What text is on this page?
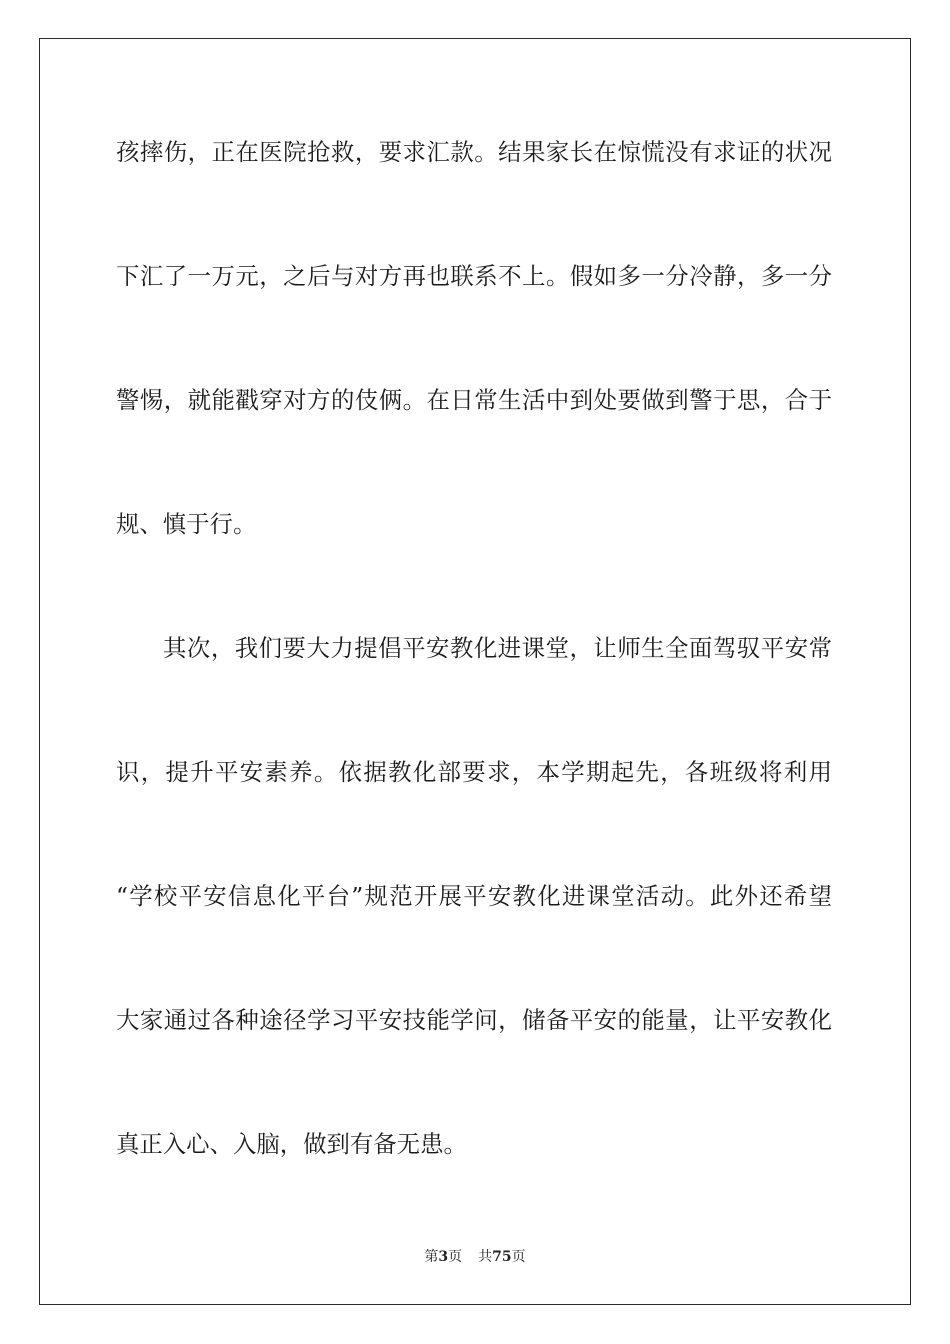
孩摔伤，正在医院抢救，要求汇款。结果家长在惊慌没有求证的状况
下汇了一万元，之后与对方再也联系不上。假如多一分冷静，多一分
警惕，就能戳穿对方的伎俩。在日常生活中到处要做到警于思，合于
规、慎于行。
其次，我们要大力提倡平安教化进课堂，让师生全面驾驭平安常
识，提升平安素养。依据教化部要求，本学期起先，各班级将利用
“学校平安信息化平台”规范开展平安教化进课堂活动。此外还希望
大家通过各种途径学习平安技能学问，储备平安的能量，让平安教化
真正入心、入脑，做到有备无患。
第3页 共75页
